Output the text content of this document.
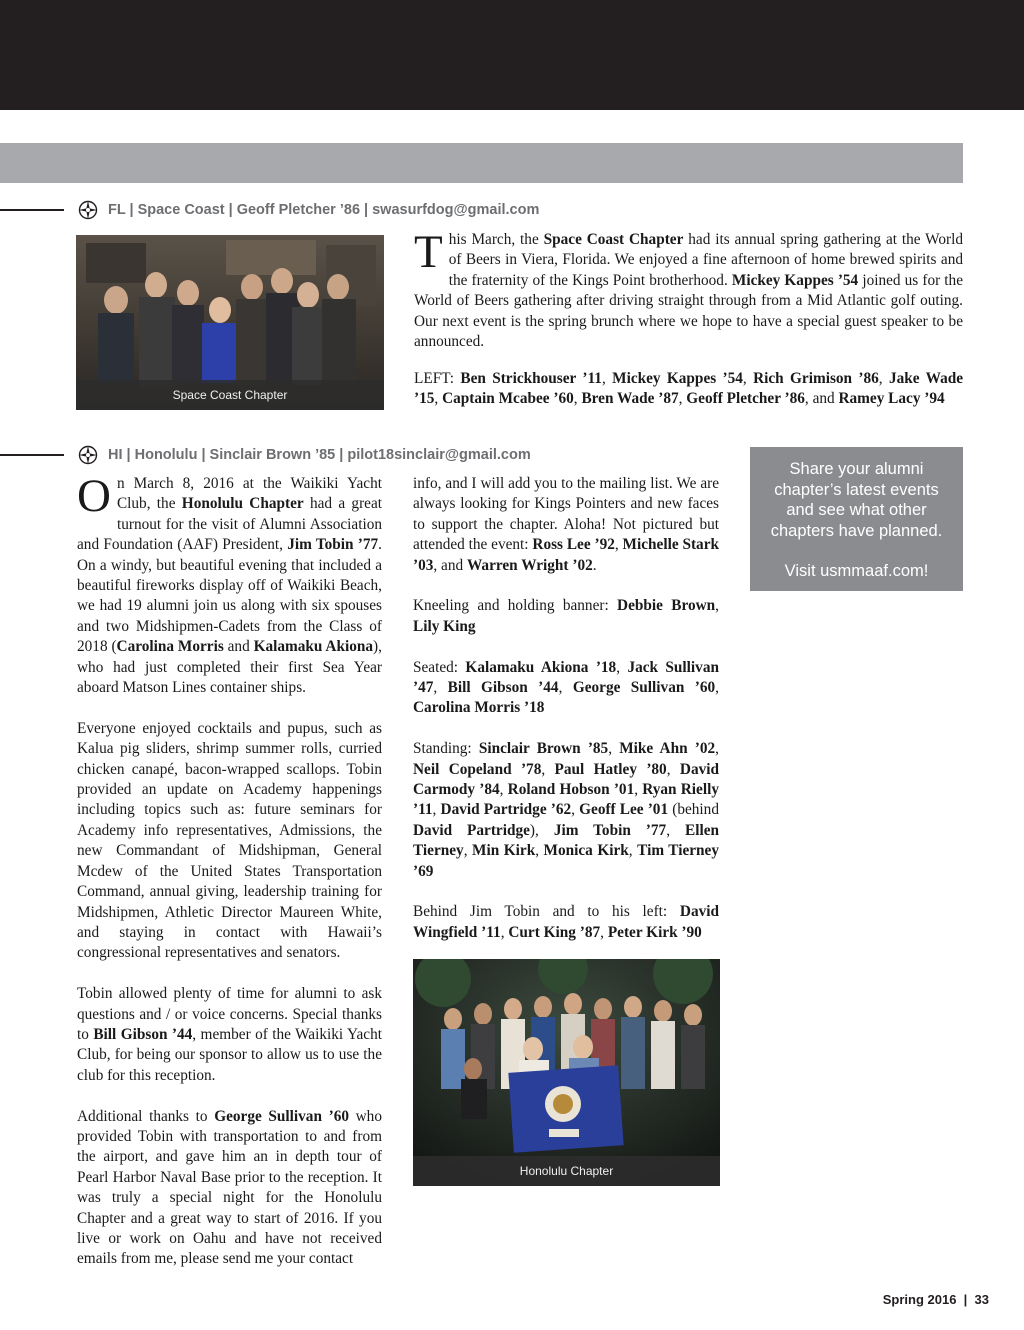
FL | Space Coast | Geoff Pletcher ’86 | swasurfdog@gmail.com
Space Coast Chapter

This March, the Space Coast Chapter had its annual spring gathering at the World of Beers in Viera, Florida. We enjoyed a fine afternoon of home brewed spirits and the fraternity of the Kings Point brotherhood. Mickey Kappes ’54 joined us for the World of Beers gathering after driving straight through from a Mid Atlantic golf outing. Our next event is the spring brunch where we hope to have a special guest speaker to be announced.

LEFT: Ben Strickhouser ’11, Mickey Kappes ’54, Rich Grimison ’86, Jake Wade ’15, Captain Mcabee ’60, Bren Wade ’87, Geoff Pletcher ’86, and Ramey Lacy ’94

HI | Honolulu | Sinclair Brown ’85 | pilot18sinclair@gmail.com

On March 8, 2016 at the Waikiki Yacht Club, the Honolulu Chapter had a great turnout for the visit of Alumni Association and Foundation (AAF) President, Jim Tobin ’77. On a windy, but beautiful evening that included a beautiful fireworks display off of Waikiki Beach, we had 19 alumni join us along with six spouses and two Midshipmen-Cadets from the Class of 2018 (Carolina Morris and Kalamaku Akiona), who had just completed their first Sea Year aboard Matson Lines container ships.

Everyone enjoyed cocktails and pupus, such as Kalua pig sliders, shrimp summer rolls, curried chicken canapé, bacon-wrapped scallops. Tobin provided an update on Academy happenings including topics such as: future seminars for Academy info representatives, Admissions, the new Commandant of Midshipman, General Mcdew of the United States Transportation Command, annual giving, leadership training for Midshipmen, Athletic Director Maureen White, and staying in contact with Hawaii’s congressional representatives and senators.

Tobin allowed plenty of time for alumni to ask questions and / or voice concerns. Special thanks to Bill Gibson ’44, member of the Waikiki Yacht Club, for being our sponsor to allow us to use the club for this reception.

Additional thanks to George Sullivan ’60 who provided Tobin with transportation to and from the airport, and gave him an in depth tour of Pearl Harbor Naval Base prior to the reception. It was truly a special night for the Honolulu Chapter and a great way to start of 2016. If you live or work on Oahu and have not received emails from me, please send me your contact

info, and I will add you to the mailing list. We are always looking for Kings Pointers and new faces to support the chapter. Aloha! Not pictured but attended the event: Ross Lee ’92, Michelle Stark ’03, and Warren Wright ’02.

Kneeling and holding banner: Debbie Brown, Lily King

Seated: Kalamaku Akiona ’18, Jack Sullivan ’47, Bill Gibson ’44, George Sullivan ’60, Carolina Morris ’18

Standing: Sinclair Brown ’85, Mike Ahn ’02, Neil Copeland ’78, Paul Hatley ’80, David Carmody ’84, Roland Hobson ’01, Ryan Rielly ’11, David Partridge ’62, Geoff Lee ’01 (behind David Partridge), Jim Tobin ’77, Ellen Tierney, Min Kirk, Monica Kirk, Tim Tierney ’69

Behind Jim Tobin and to his left: David Wingfield ’11, Curt King ’87, Peter Kirk ’90

Share your alumni
chapter’s latest events
and see what other
chapters have planned.
Visit usmmaaf.com!
Honolulu Chapter
Spring 2016  |  33
